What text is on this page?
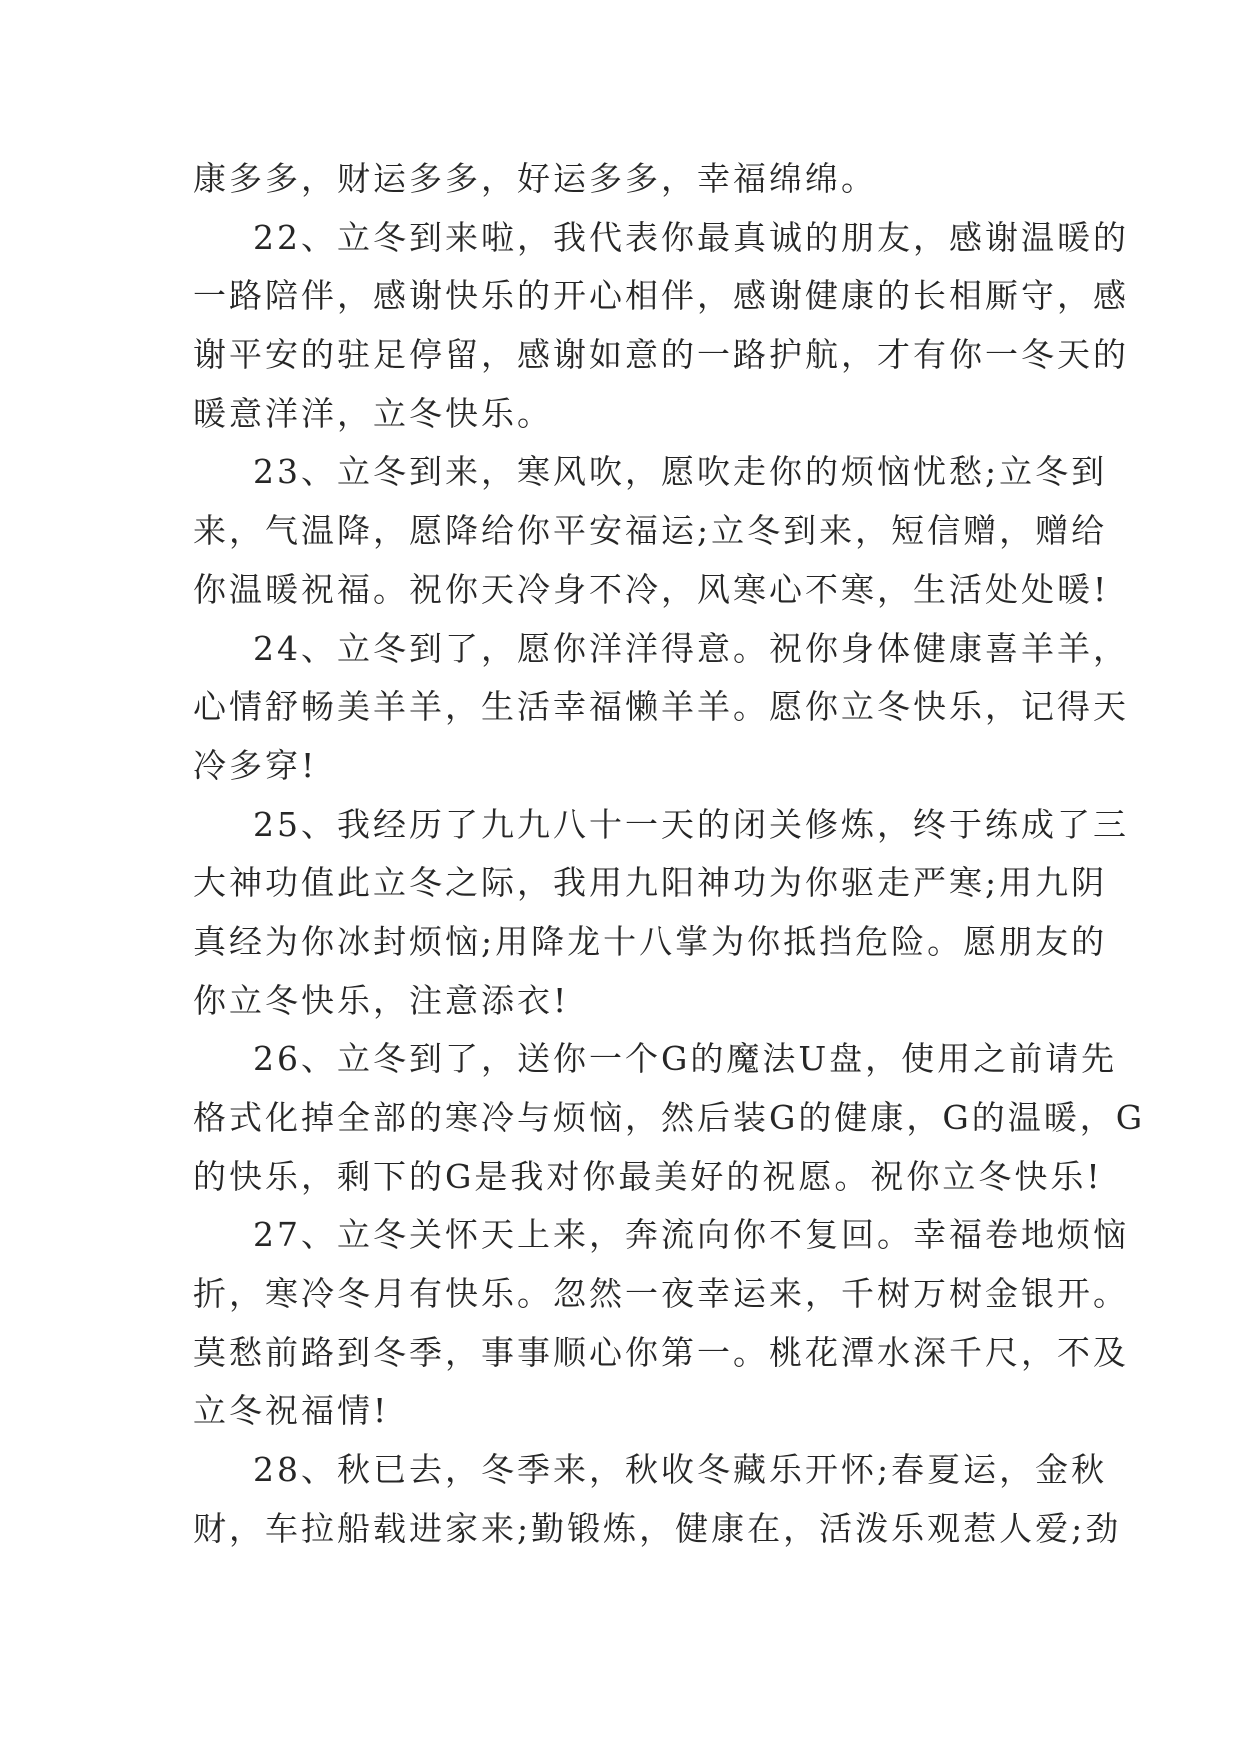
康多多，财运多多，好运多多，幸福绵绵。
22、立冬到来啦，我代表你最真诚的朋友，感谢温暖的
一路陪伴，感谢快乐的开心相伴，感谢健康的长相厮守，感
谢平安的驻足停留，感谢如意的一路护航，才有你一冬天的
暖意洋洋，立冬快乐。
23、立冬到来，寒风吹，愿吹走你的烦恼忧愁;立冬到
来，气温降，愿降给你平安福运;立冬到来，短信赠，赠给
你温暖祝福。祝你天冷身不冷，风寒心不寒，生活处处暖!
24、立冬到了，愿你洋洋得意。祝你身体健康喜羊羊，
心情舒畅美羊羊，生活幸福懒羊羊。愿你立冬快乐，记得天
冷多穿!
25、我经历了九九八十一天的闭关修炼，终于练成了三
大神功值此立冬之际，我用九阳神功为你驱走严寒;用九阴
真经为你冰封烦恼;用降龙十八掌为你抵挡危险。愿朋友的
你立冬快乐，注意添衣!
26、立冬到了，送你一个G的魔法U盘，使用之前请先
格式化掉全部的寒冷与烦恼，然后装G的健康，G的温暖，G
的快乐，剩下的G是我对你最美好的祝愿。祝你立冬快乐!
27、立冬关怀天上来，奔流向你不复回。幸福卷地烦恼
折，寒冷冬月有快乐。忽然一夜幸运来，千树万树金银开。
莫愁前路到冬季，事事顺心你第一。桃花潭水深千尺，不及
立冬祝福情!
28、秋已去，冬季来，秋收冬藏乐开怀;春夏运，金秋
财，车拉船载进家来;勤锻炼，健康在，活泼乐观惹人爱;劲
